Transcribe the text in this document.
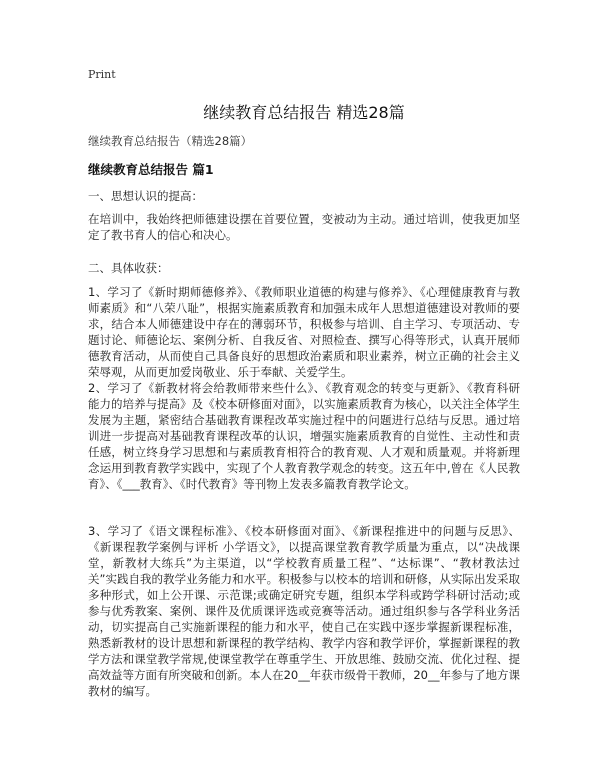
Print
继续教育总结报告 精选28篇
继续教育总结报告（精选28篇）
继续教育总结报告 篇1

一、思想认识的提高：

在培训中，我始终把师德建设摆在首要位置，变被动为主动。通过培训，使我更加坚定了教书育人的信心和决心。

二、具体收获：

1、学习了《新时期师德修养》、《教师职业道德的构建与修养》、《心理健康教育与教师素质》和“八荣八耻”，根据实施素质教育和加强未成年人思想道德建设对教师的要求，结合本人师德建设中存在的薄弱环节，积极参与培训、自主学习、专项活动、专题讨论、师德论坛、案例分析、自我反省、对照检查、撰写心得等形式，认真开展师德教育活动，从而使自己具备良好的思想政治素质和职业素养，树立正确的社会主义荣辱观，从而更加爱岗敬业、乐于奉献、关爱学生。

2、学习了《新教材将会给教师带来些什么》、《教育观念的转变与更新》、《教育科研能力的培养与提高》及《校本研修面对面》，以实施素质教育为核心，以关注全体学生发展为主题，紧密结合基础教育课程改革实施过程中的问题进行总结与反思。通过培训进一步提高对基础教育课程改革的认识，增强实施素质教育的自觉性、主动性和责任感，树立终身学习思想和与素质教育相符合的教育观、人才观和质量观。并将新理念运用到教育教学实践中，实现了个人教育教学观念的转变。这五年中,曾在《人民教育》、《___教育》、《时代教育》等刊物上发表多篇教育教学论文。

3、学习了《语文课程标准》、《校本研修面对面》、《新课程推进中的问题与反思》、《新课程教学案例与评析 小学语文》，以提高课堂教育教学质量为重点，以“决战课堂，新教材大练兵”为主渠道，以“学校教育质量工程”、“达标课”、“教材教法过关”实践自我的教学业务能力和水平。积极参与以校本的培训和研修，从实际出发采取多种形式，如上公开课、示范课;或确定研究专题，组织本学科或跨学科研讨活动;或参与优秀教案、案例、课件及优质课评选或竞赛等活动。通过组织参与各学科业务活动，切实提高自己实施新课程的能力和水平，使自己在实践中逐步掌握新课程标准，熟悉新教材的设计思想和新课程的教学结构、教学内容和教学评价，掌握新课程的教学方法和课堂教学常规,使课堂教学在尊重学生、开放思维、鼓励交流、优化过程、提高效益等方面有所突破和创新。本人在20__年获市级骨干教师，20__年参与了地方课教材的编写。
